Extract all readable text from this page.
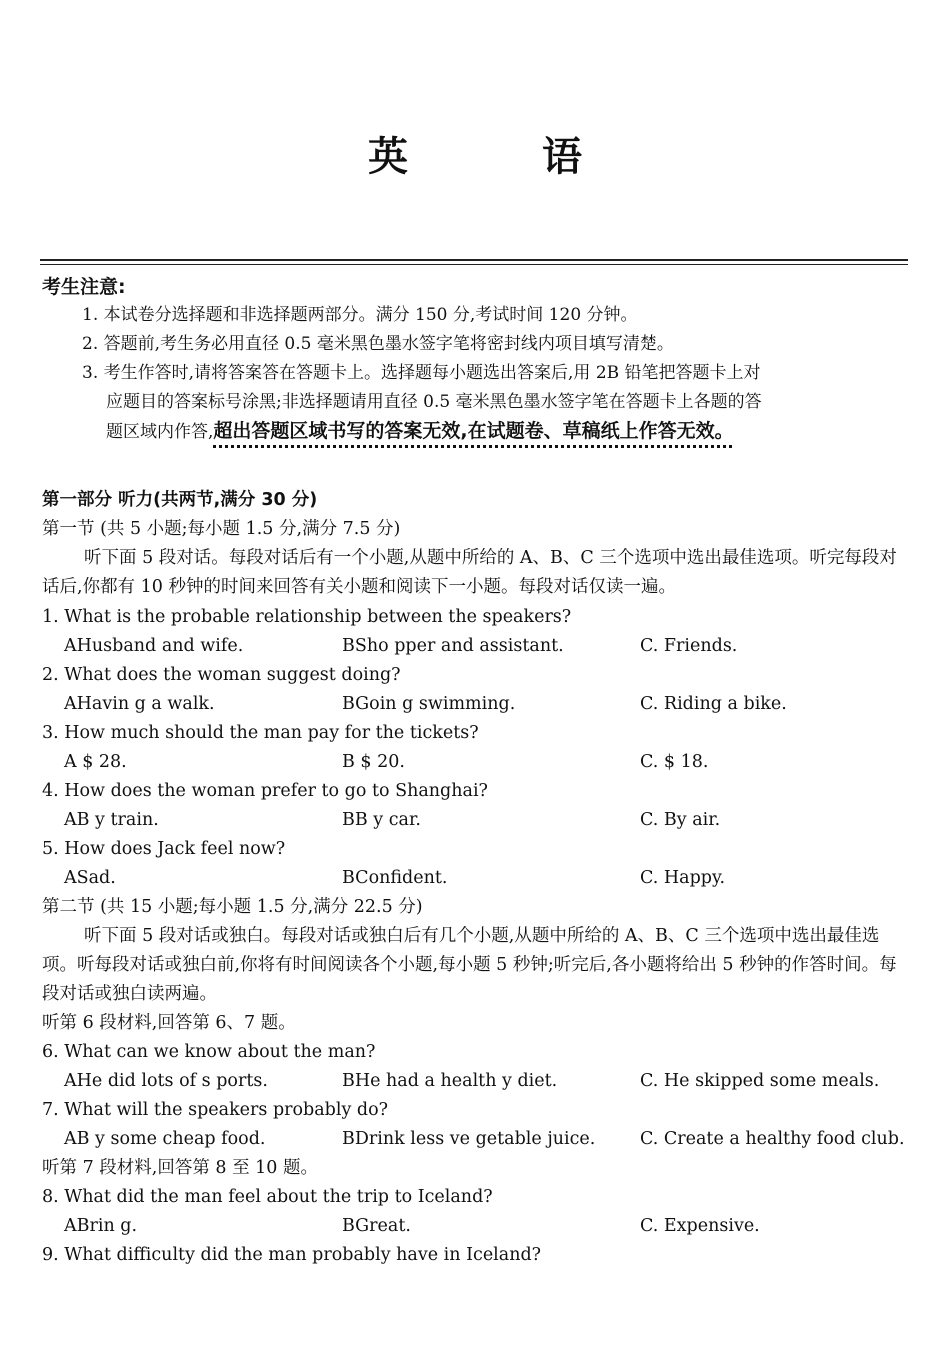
英 语
考生注意:
1. 本试卷分选择题和非选择题两部分。满分 150 分,考试时间 120 分钟。
2. 答题前,考生务必用直径 0.5 毫米黑色墨水签字笔将密封线内项目填写清楚。
3. 考生作答时,请将答案答在答题卡上。选择题每小题选出答案后,用 2B 铅笔把答题卡上对
应题目的答案标号涂黑;非选择题请用直径 0.5 毫米黑色墨水签字笔在答题卡上各题的答
题区域内作答,超出答题区域书写的答案无效,在试题卷、草稿纸上作答无效。
第一部分 听力(共两节,满分 30 分)
第一节 (共 5 小题;每小题 1.5 分,满分 7.5 分)
听下面 5 段对话。每段对话后有一个小题,从题中所给的 A、B、C 三个选项中选出最佳选项。听完每段对话后,你都有 10 秒钟的时间来回答有关小题和阅读下一小题。每段对话仅读一遍。
1. What is the probable relationship between the speakers?
AHusband and wife.	BSho pper and assistant.	C. Friends.
2. What does the woman suggest doing?
AHavin g a walk.	BGoin g swimming.	C. Riding a bike.
3. How much should the man pay for the tickets?
A $ 28.	B $ 20.	C. $ 18.
4. How does the woman prefer to go to Shanghai?
AB y train.	BB y car.	C. By air.
5. How does Jack feel now?
ASad.	BConfident.	C. Happy.
第二节 (共 15 小题;每小题 1.5 分,满分 22.5 分)
听下面 5 段对话或独白。每段对话或独白后有几个小题,从题中所给的 A、B、C 三个选项中选出最佳选项。听每段对话或独白前,你将有时间阅读各个小题,每小题 5 秒钟;听完后,各小题将给出 5 秒钟的作答时间。每段对话或独白读两遍。
听第 6 段材料,回答第 6、7 题。
6. What can we know about the man?
AHe did lots of s ports.	BHe had a health y diet.	C. He skipped some meals.
7. What will the speakers probably do?
AB y some cheap food.	BDrink less ve getable juice.	C. Create a healthy food club.
听第 7 段材料,回答第 8 至 10 题。
8. What did the man feel about the trip to Iceland?
ABrin g.	BGreat.	C. Expensive.
9. What difficulty did the man probably have in Iceland?
